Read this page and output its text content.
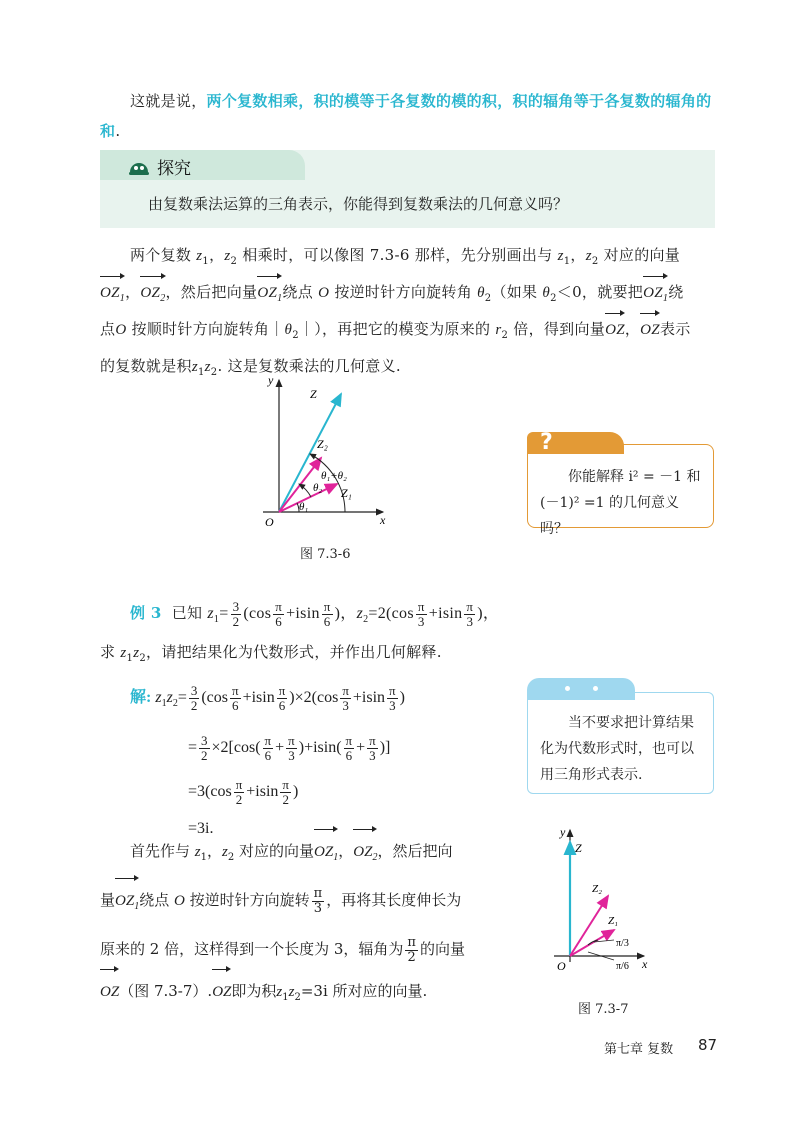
这就是说，两个复数相乘，积的模等于各复数的模的积，积的辐角等于各复数的辐角的和.
探究
由复数乘法运算的三角表示，你能得到复数乘法的几何意义吗？
两个复数 $z_1$，$z_2$ 相乘时，可以像图 7.3-6 那样，先分别画出与 $z_1$，$z_2$ 对应的向量
$OZ_1$，$OZ_2$，然后把向量$OZ_1$绕点 O 按逆时针方向旋转角 $\theta_2$（如果 $\theta_2<0$，就要把$OZ_1$绕
点O 按顺时针方向旋转角$|\theta_2|$），再把它的模变为原来的 $r_2$ 倍，得到向量OZ，OZ表示
的复数就是积$z_1z_2$. 这是复数乘法的几何意义.
y
x
O
Z
Z₂
Z₁
θ₁+θ₂
θ₂
θ₁
图 7.3-6
?
你能解释 i² = －1 和
(－1)² =1 的几何意义吗？
例 3 已知 $z_1= \frac{3}{2} (\cos \frac{\pi}{6} +isin \frac{\pi}{6}$ )，$z_2=2(\cos \frac{\pi}{3} +isin \frac{\pi}{3}$ )，
求 $z_1z_2$，请把结果化为代数形式，并作出几何解释.
解: $z_1z_2= \frac{3}{2} (\cos \frac{\pi}{6} +isin \frac{\pi}{6} )\times 2(\cos \frac{\pi}{3} +isin \frac{\pi}{3}$ )
= $\frac{3}{2} \times 2[\cos( \frac{\pi}{6} + \frac{\pi}{3} )+isin( \frac{\pi}{6} + \frac{\pi}{3}$ )]
$=3(\cos \frac{\pi}{2} +isin \frac{\pi}{2}$ )
=3i.
当不要求把计算结果
化为代数形式时，也可以
用三角形式表示.
首先作与 $z_1$，$z_2$ 对应的向量$OZ_1$，$OZ_2$，然后把向
量$OZ_1$绕点 O 按逆时针方向旋转 $\frac{\pi}{3}$ ，再将其长度伸长为
原来的 2 倍，这样得到一个长度为 3，辐角为 $\frac{\pi}{2}$ 的向量
OZ（图 7.3-7）.OZ即为积$z_1z_2=3i$ 所对应的向量.
y
x
O
Z
Z₂
Z₁
π/3
π/6
图 7.3-7
第七章 复数 87
